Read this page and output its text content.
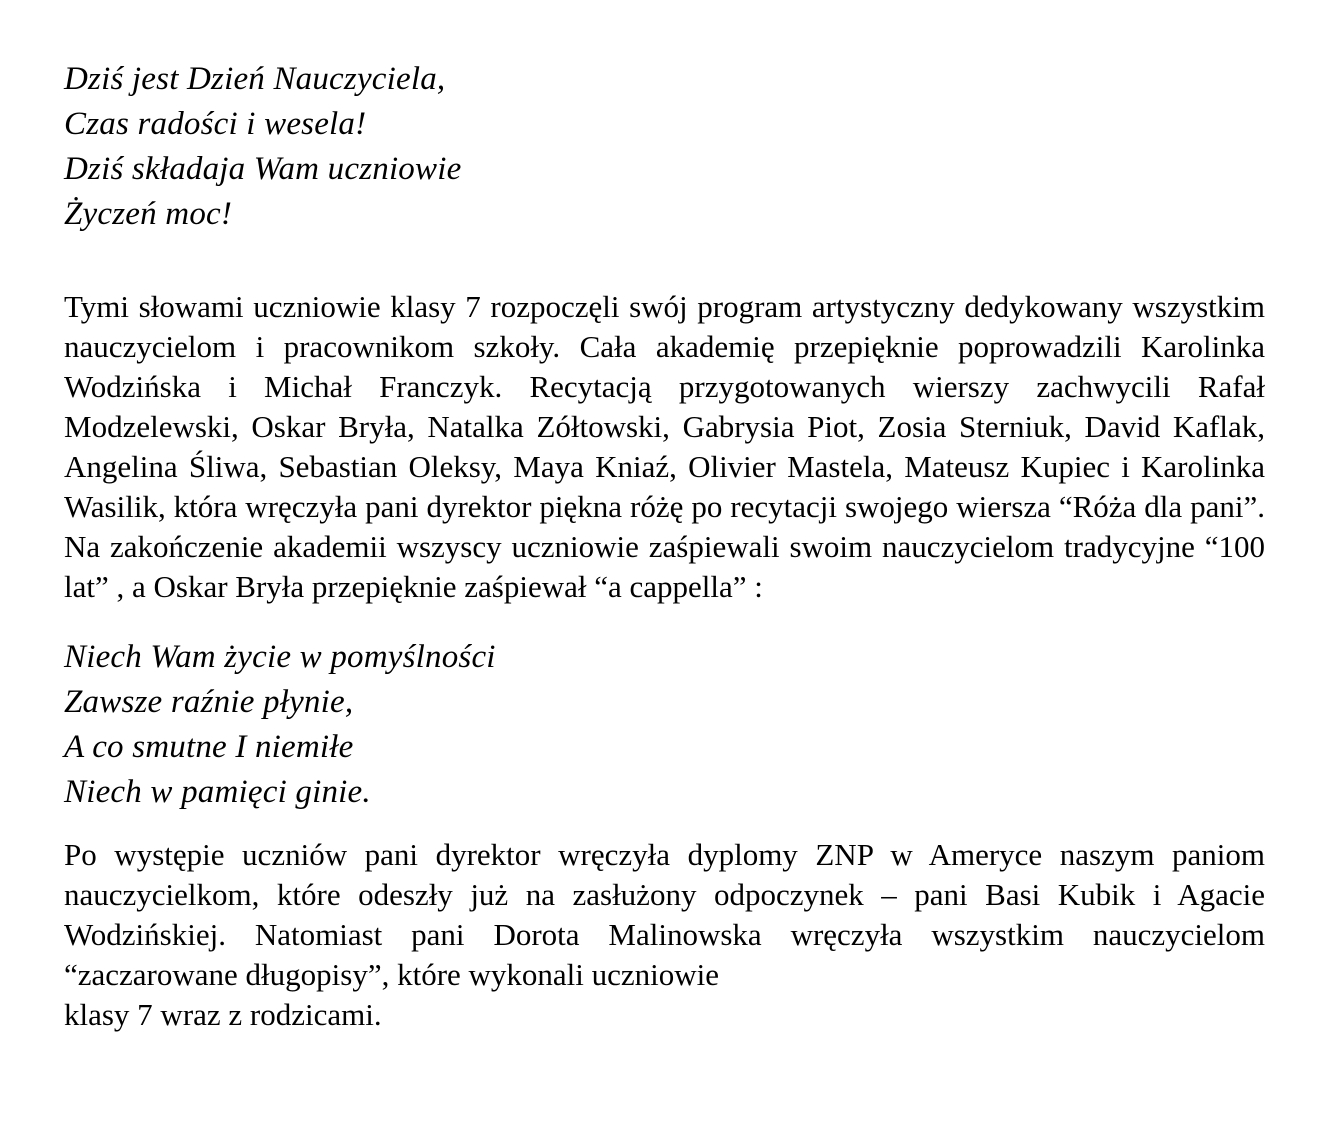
Dziś jest Dzień Nauczyciela,
Czas radości i wesela!
Dziś składaja Wam uczniowie
Życzeń moc!
Tymi słowami uczniowie klasy 7 rozpoczęli swój program artystyczny dedykowany wszystkim nauczycielom i pracownikom szkoły. Cała akademię przepięknie poprowadzili Karolinka Wodzińska i Michał Franczyk. Recytacją przygotowanych wierszy zachwycili Rafał Modzelewski, Oskar Bryła, Natalka Zółtowski, Gabrysia Piot, Zosia Sterniuk, David Kaflak, Angelina Śliwa, Sebastian Oleksy, Maya Kniaź, Olivier Mastela, Mateusz Kupiec i Karolinka Wasilik, która wręczyła pani dyrektor piękna różę po recytacji swojego wiersza “Róża dla pani”. Na zakończenie akademii wszyscy uczniowie zaśpiewali swoim nauczycielom tradycyjne “100 lat” , a Oskar Bryła przepięknie zaśpiewał “a cappella” :
Niech Wam życie w pomyślności
Zawsze raźnie płynie,
A co smutne I niemiłe
Niech w pamięci ginie.
Po występie uczniów pani dyrektor wręczyła dyplomy ZNP w Ameryce naszym paniom nauczycielkom, które odeszły już na zasłużony odpoczynek – pani Basi Kubik i Agacie Wodzińskiej. Natomiast pani Dorota Malinowska wręczyła wszystkim nauczycielom “zaczarowane długopisy”, które wykonali uczniowie
klasy 7 wraz z rodzicami.
